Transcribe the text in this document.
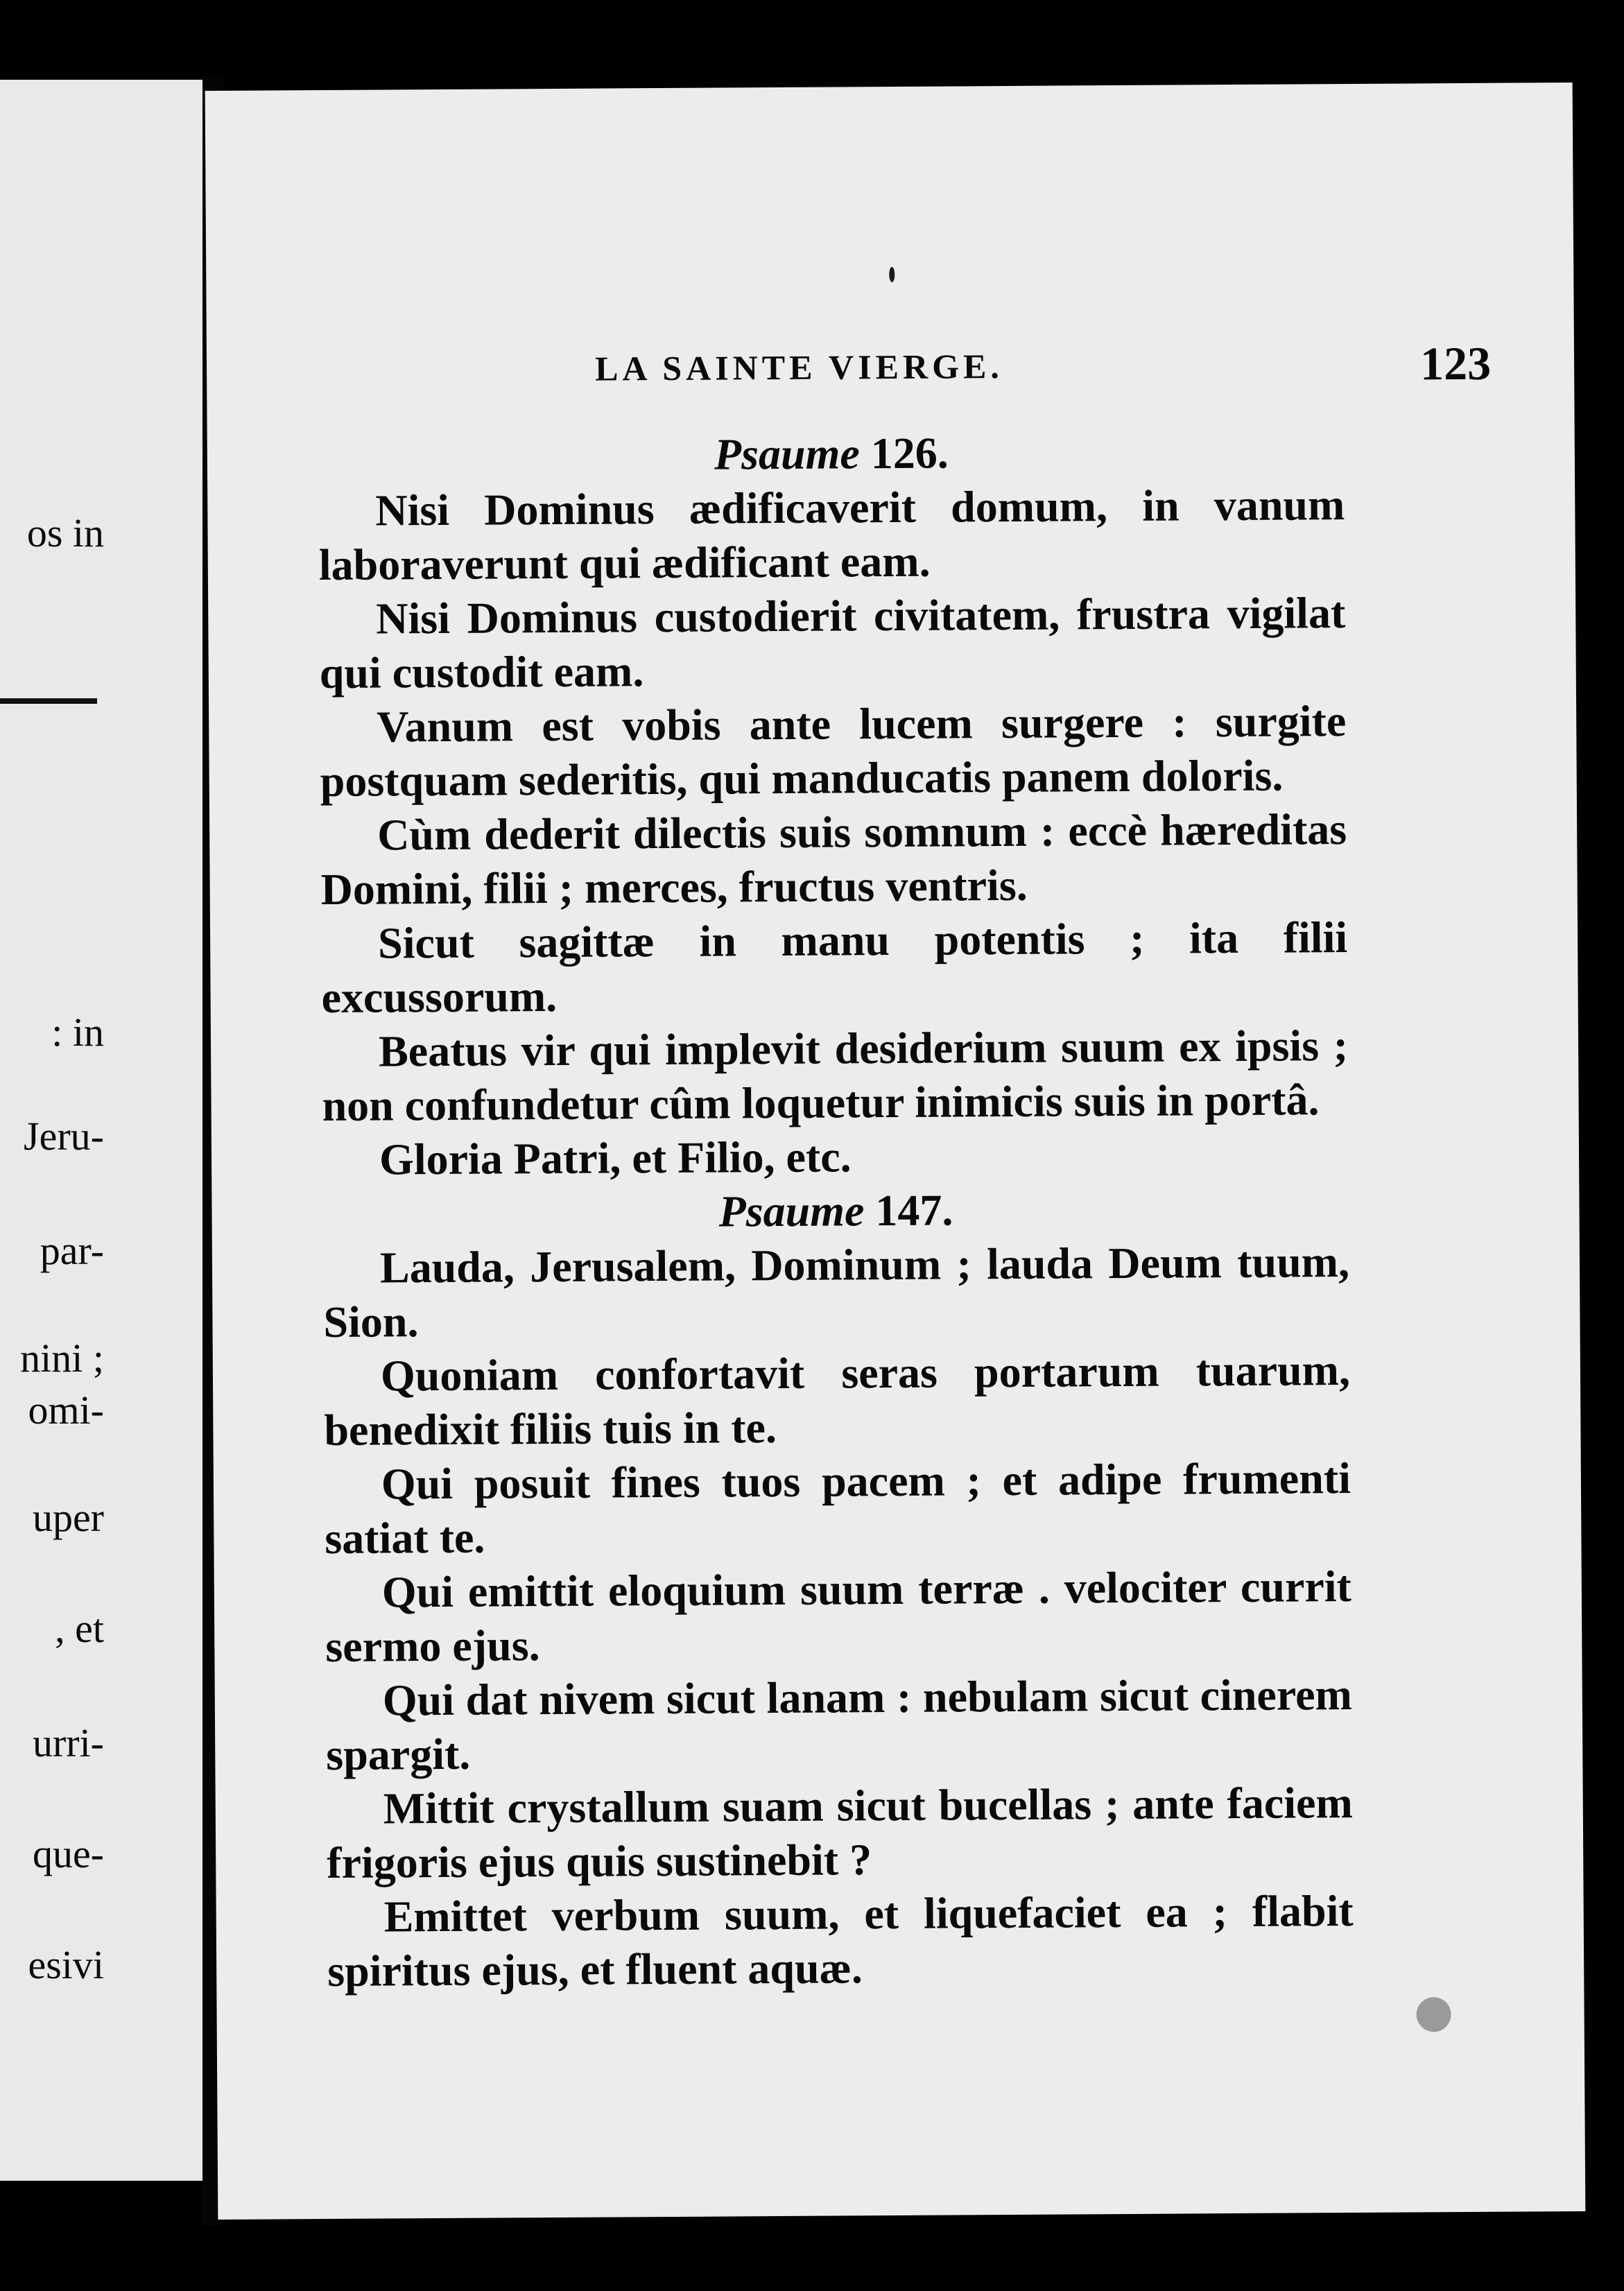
os in
: in
Jeru-
par-
nini ;
omi-
uper
, et
urri-
que-
esivi
LA SAINTE VIERGE.	123

Psaume 126.

Nisi Dominus ædificaverit domum, in vanum laboraverunt qui ædificant eam.

Nisi Dominus custodierit civitatem, frustra vigilat qui custodit eam.

Vanum est vobis ante lucem surgere : surgite postquam sederitis, qui manducatis panem doloris.

Cùm dederit dilectis suis somnum : eccè hæreditas Domini, filii ; merces, fructus ventris.

Sicut sagittæ in manu potentis ; ita filii excussorum.

Beatus vir qui implevit desiderium suum ex ipsis ; non confundetur cûm loquetur inimicis suis in portâ.

Gloria Patri, et Filio, etc.

Psaume 147.

Lauda, Jerusalem, Dominum ; lauda Deum tuum, Sion.

Quoniam confortavit seras portarum tuarum, benedixit filiis tuis in te.

Qui posuit fines tuos pacem ; et adipe frumenti satiat te.

Qui emittit eloquium suum terræ . velociter currit sermo ejus.

Qui dat nivem sicut lanam : nebulam sicut cinerem spargit.

Mittit crystallum suam sicut bucellas ; ante faciem frigoris ejus quis sustinebit ?

Emittet verbum suum, et liquefaciet ea ; flabit spiritus ejus, et fluent aquæ.
